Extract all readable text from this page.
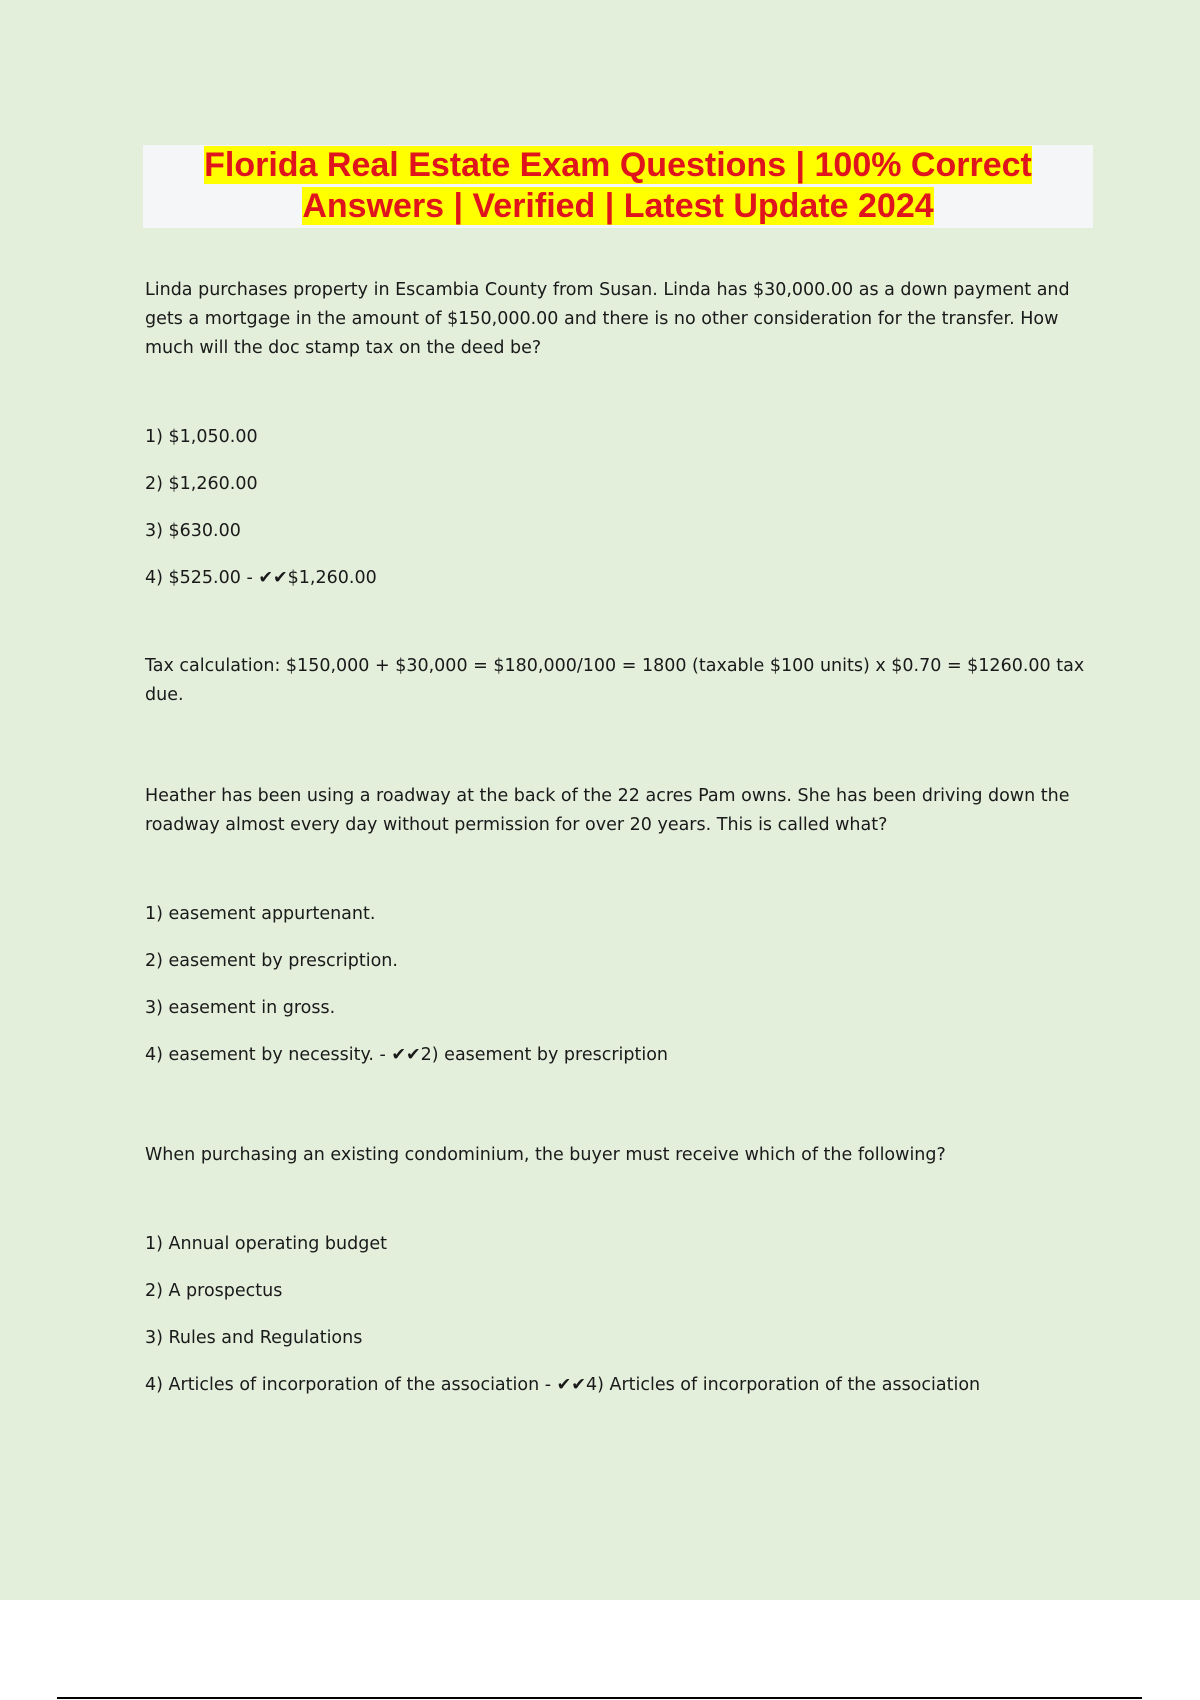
Florida Real Estate Exam Questions | 100% Correct
Answers | Verified | Latest Update 2024

Linda purchases property in Escambia County from Susan. Linda has $30,000.00 as a down payment and gets a mortgage in the amount of $150,000.00 and there is no other consideration for the transfer. How much will the doc stamp tax on the deed be?

1) $1,050.00

2) $1,260.00

3) $630.00

4) $525.00 - ✔✔$1,260.00

Tax calculation: $150,000 + $30,000 = $180,000/100 = 1800 (taxable $100 units) x $0.70 = $1260.00 tax due.

Heather has been using a roadway at the back of the 22 acres Pam owns. She has been driving down the roadway almost every day without permission for over 20 years. This is called what?

1) easement appurtenant.

2) easement by prescription.

3) easement in gross.

4) easement by necessity. - ✔✔2) easement by prescription

When purchasing an existing condominium, the buyer must receive which of the following?

1) Annual operating budget

2) A prospectus

3) Rules and Regulations

4) Articles of incorporation of the association - ✔✔4) Articles of incorporation of the association
